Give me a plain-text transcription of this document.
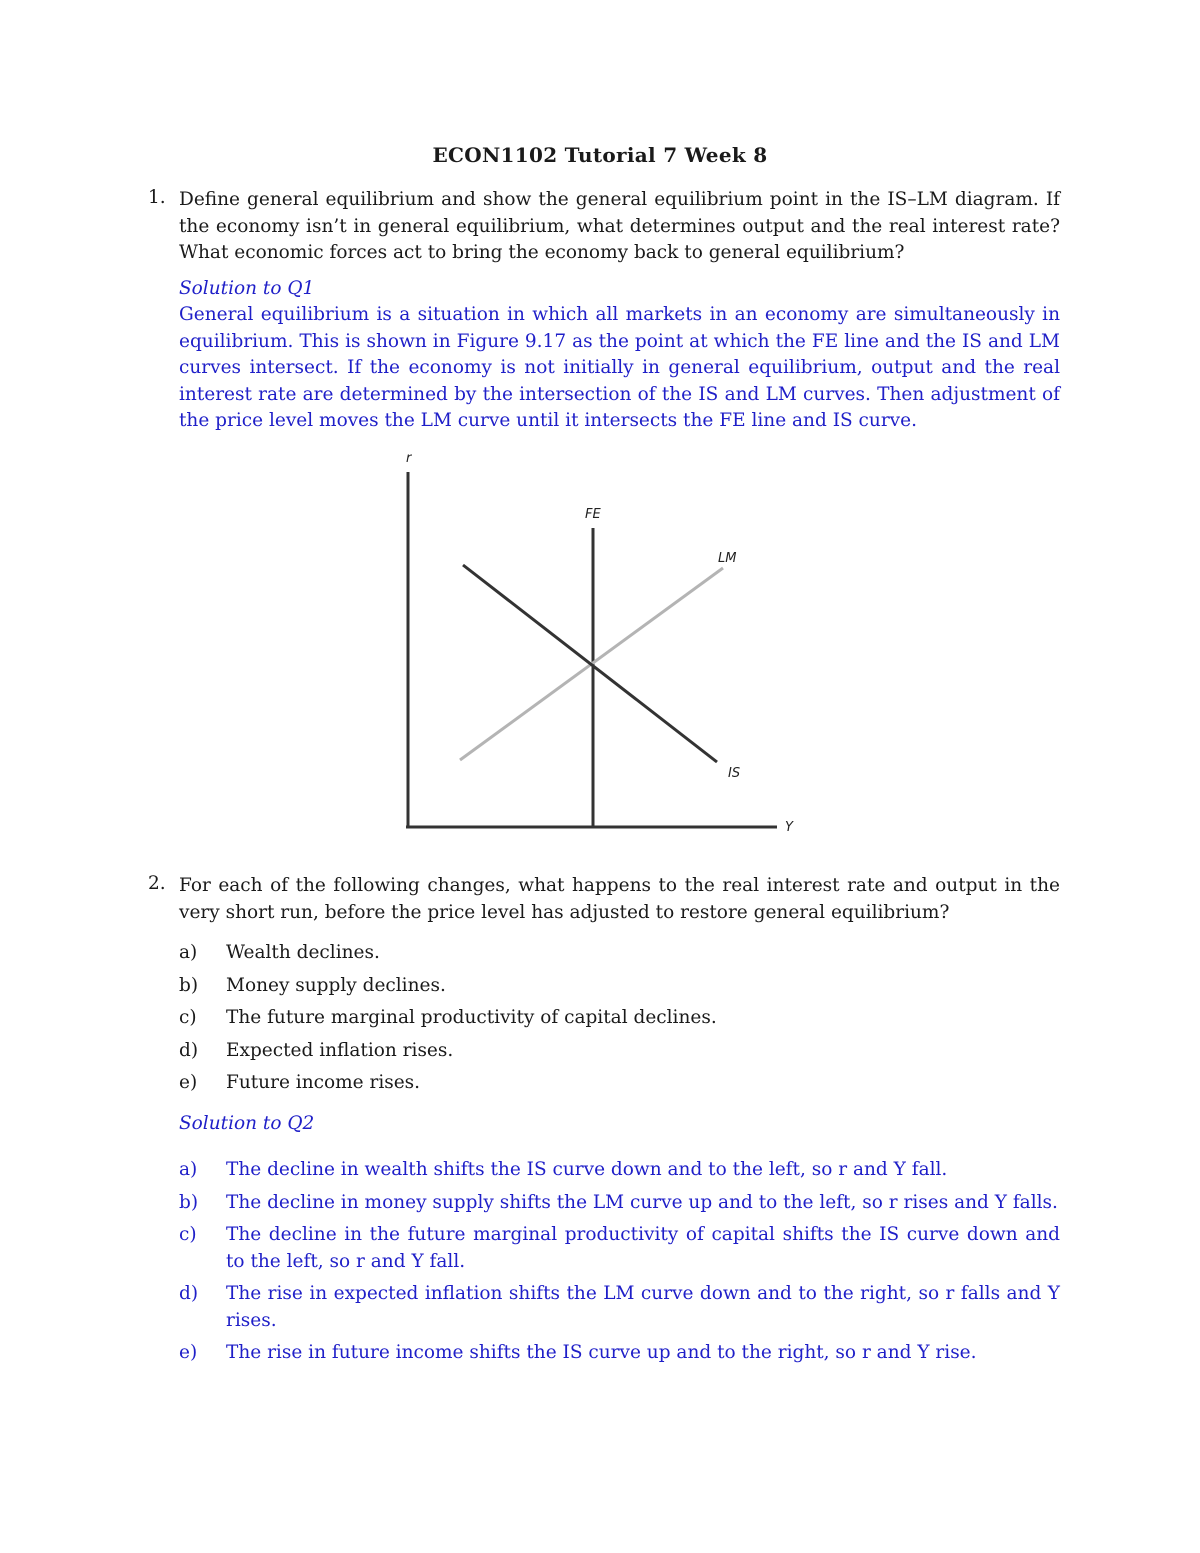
ECON1102 Tutorial 7 Week 8
1. Define general equilibrium and show the general equilibrium point in the IS–LM diagram. If the economy isn’t in general equilibrium, what determines output and the real interest rate? What economic forces act to bring the economy back to general equilibrium?
Solution to Q1
General equilibrium is a situation in which all markets in an economy are simultaneously in equilibrium. This is shown in Figure 9.17 as the point at which the FE line and the IS and LM curves intersect. If the economy is not initially in general equilibrium, output and the real interest rate are determined by the intersection of the IS and LM curves. Then adjustment of the price level moves the LM curve until it intersects the FE line and IS curve.
r
Y
FE
LM
IS
2. For each of the following changes, what happens to the real interest rate and output in the very short run, before the price level has adjusted to restore general equilibrium?
a) Wealth declines.
b) Money supply declines.
c) The future marginal productivity of capital declines.
d) Expected inflation rises.
e) Future income rises.
Solution to Q2
a) The decline in wealth shifts the IS curve down and to the left, so r and Y fall.
b) The decline in money supply shifts the LM curve up and to the left, so r rises and Y falls.
c) The decline in the future marginal productivity of capital shifts the IS curve down and to the left, so r and Y fall.
d) The rise in expected inflation shifts the LM curve down and to the right, so r falls and Y rises.
e) The rise in future income shifts the IS curve up and to the right, so r and Y rise.
